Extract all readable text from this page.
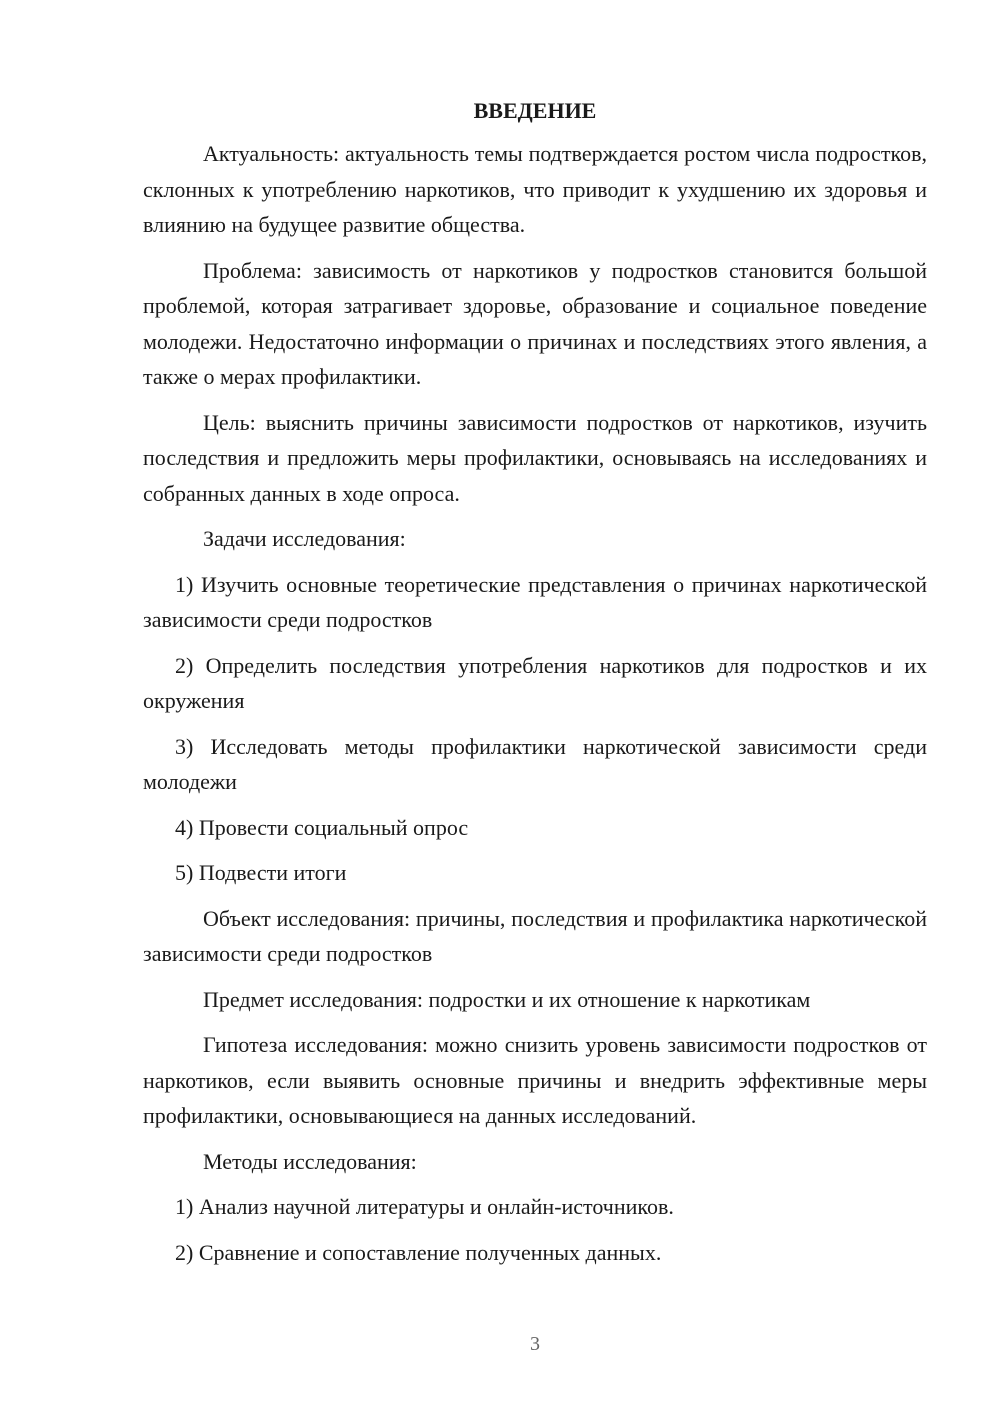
ВВЕДЕНИЕ

Актуальность: актуальность темы подтверждается ростом числа подростков, склонных к употреблению наркотиков, что приводит к ухудшению их здоровья и влиянию на будущее развитие общества.

Проблема: зависимость от наркотиков у подростков становится большой проблемой, которая затрагивает здоровье, образование и социальное поведение молодежи. Недостаточно информации о причинах и последствиях этого явления, а также о мерах профилактики.

Цель: выяснить причины зависимости подростков от наркотиков, изучить последствия и предложить меры профилактики, основываясь на исследованиях и собранных данных в ходе опроса.

Задачи исследования:

1) Изучить основные теоретические представления о причинах наркотической зависимости среди подростков

2) Определить последствия употребления наркотиков для подростков и их окружения

3) Исследовать методы профилактики наркотической зависимости среди молодежи

4) Провести социальный опрос

5) Подвести итоги

Объект исследования: причины, последствия и профилактика наркотической зависимости среди подростков

Предмет исследования: подростки и их отношение к наркотикам

Гипотеза исследования: можно снизить уровень зависимости подростков от наркотиков, если выявить основные причины и внедрить эффективные меры профилактики, основывающиеся на данных исследований.

Методы исследования:

1) Анализ научной литературы и онлайн-источников.

2) Сравнение и сопоставление полученных данных.

3
